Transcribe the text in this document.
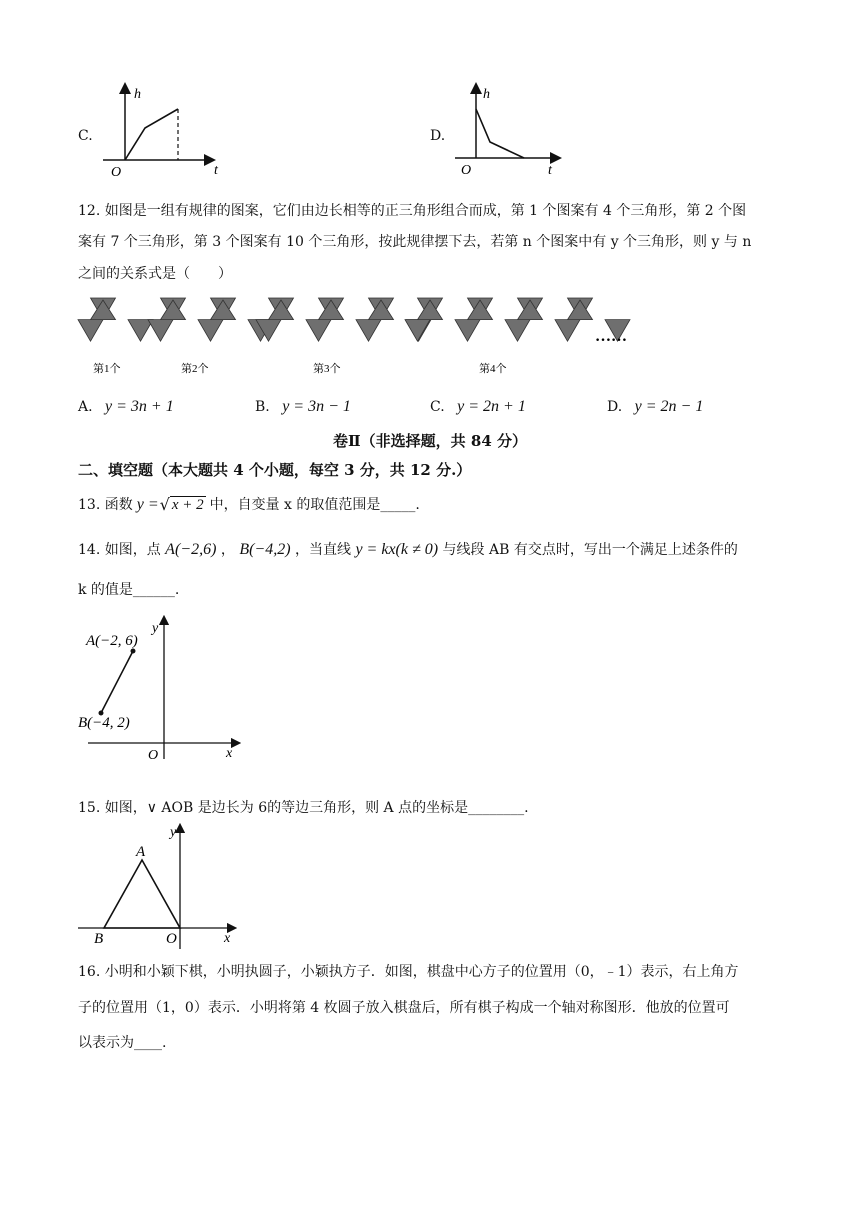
C.
h
t
O
D.
h
t
O
12. 如图是一组有规律的图案，它们由边长相等的正三角形组合而成，第 1 个图案有 4 个三角形，第 2 个图
案有 7 个三角形，第 3 个图案有 10 个三角形，按此规律摆下去，若第 n 个图案中有 y 个三角形，则 y 与 n
之间的关系式是（　　）
……
第1个	第2个	第3个	第4个
A. y = 3n + 1	B. y = 3n − 1	C. y = 2n + 1	D. y = 2n − 1
卷Ⅱ（非选择题，共 84 分）
二、填空题（本大题共 4 个小题，每空 3 分，共 12 分.）
13. 函数 y = √ x + 2 中，自变量 x 的取值范围是_____.
14. 如图，点 A(−2,6) ， B(−4,2) ，当直线 y = kx(k ≠ 0) 与线段 AB 有交点时，写出一个满足上述条件的
k 的值是______.
A(−2, 6)
B(−4, 2)
y
x
O
15. 如图，∨ AOB 是边长为 6的等边三角形，则 A 点的坐标是________.
A
B	O
y
x
16. 小明和小颖下棋，小明执圆子，小颖执方子．如图，棋盘中心方子的位置用（0，﹣1）表示，右上角方
子的位置用（1，0）表示．小明将第 4 枚圆子放入棋盘后，所有棋子构成一个轴对称图形．他放的位置可
以表示为____.
